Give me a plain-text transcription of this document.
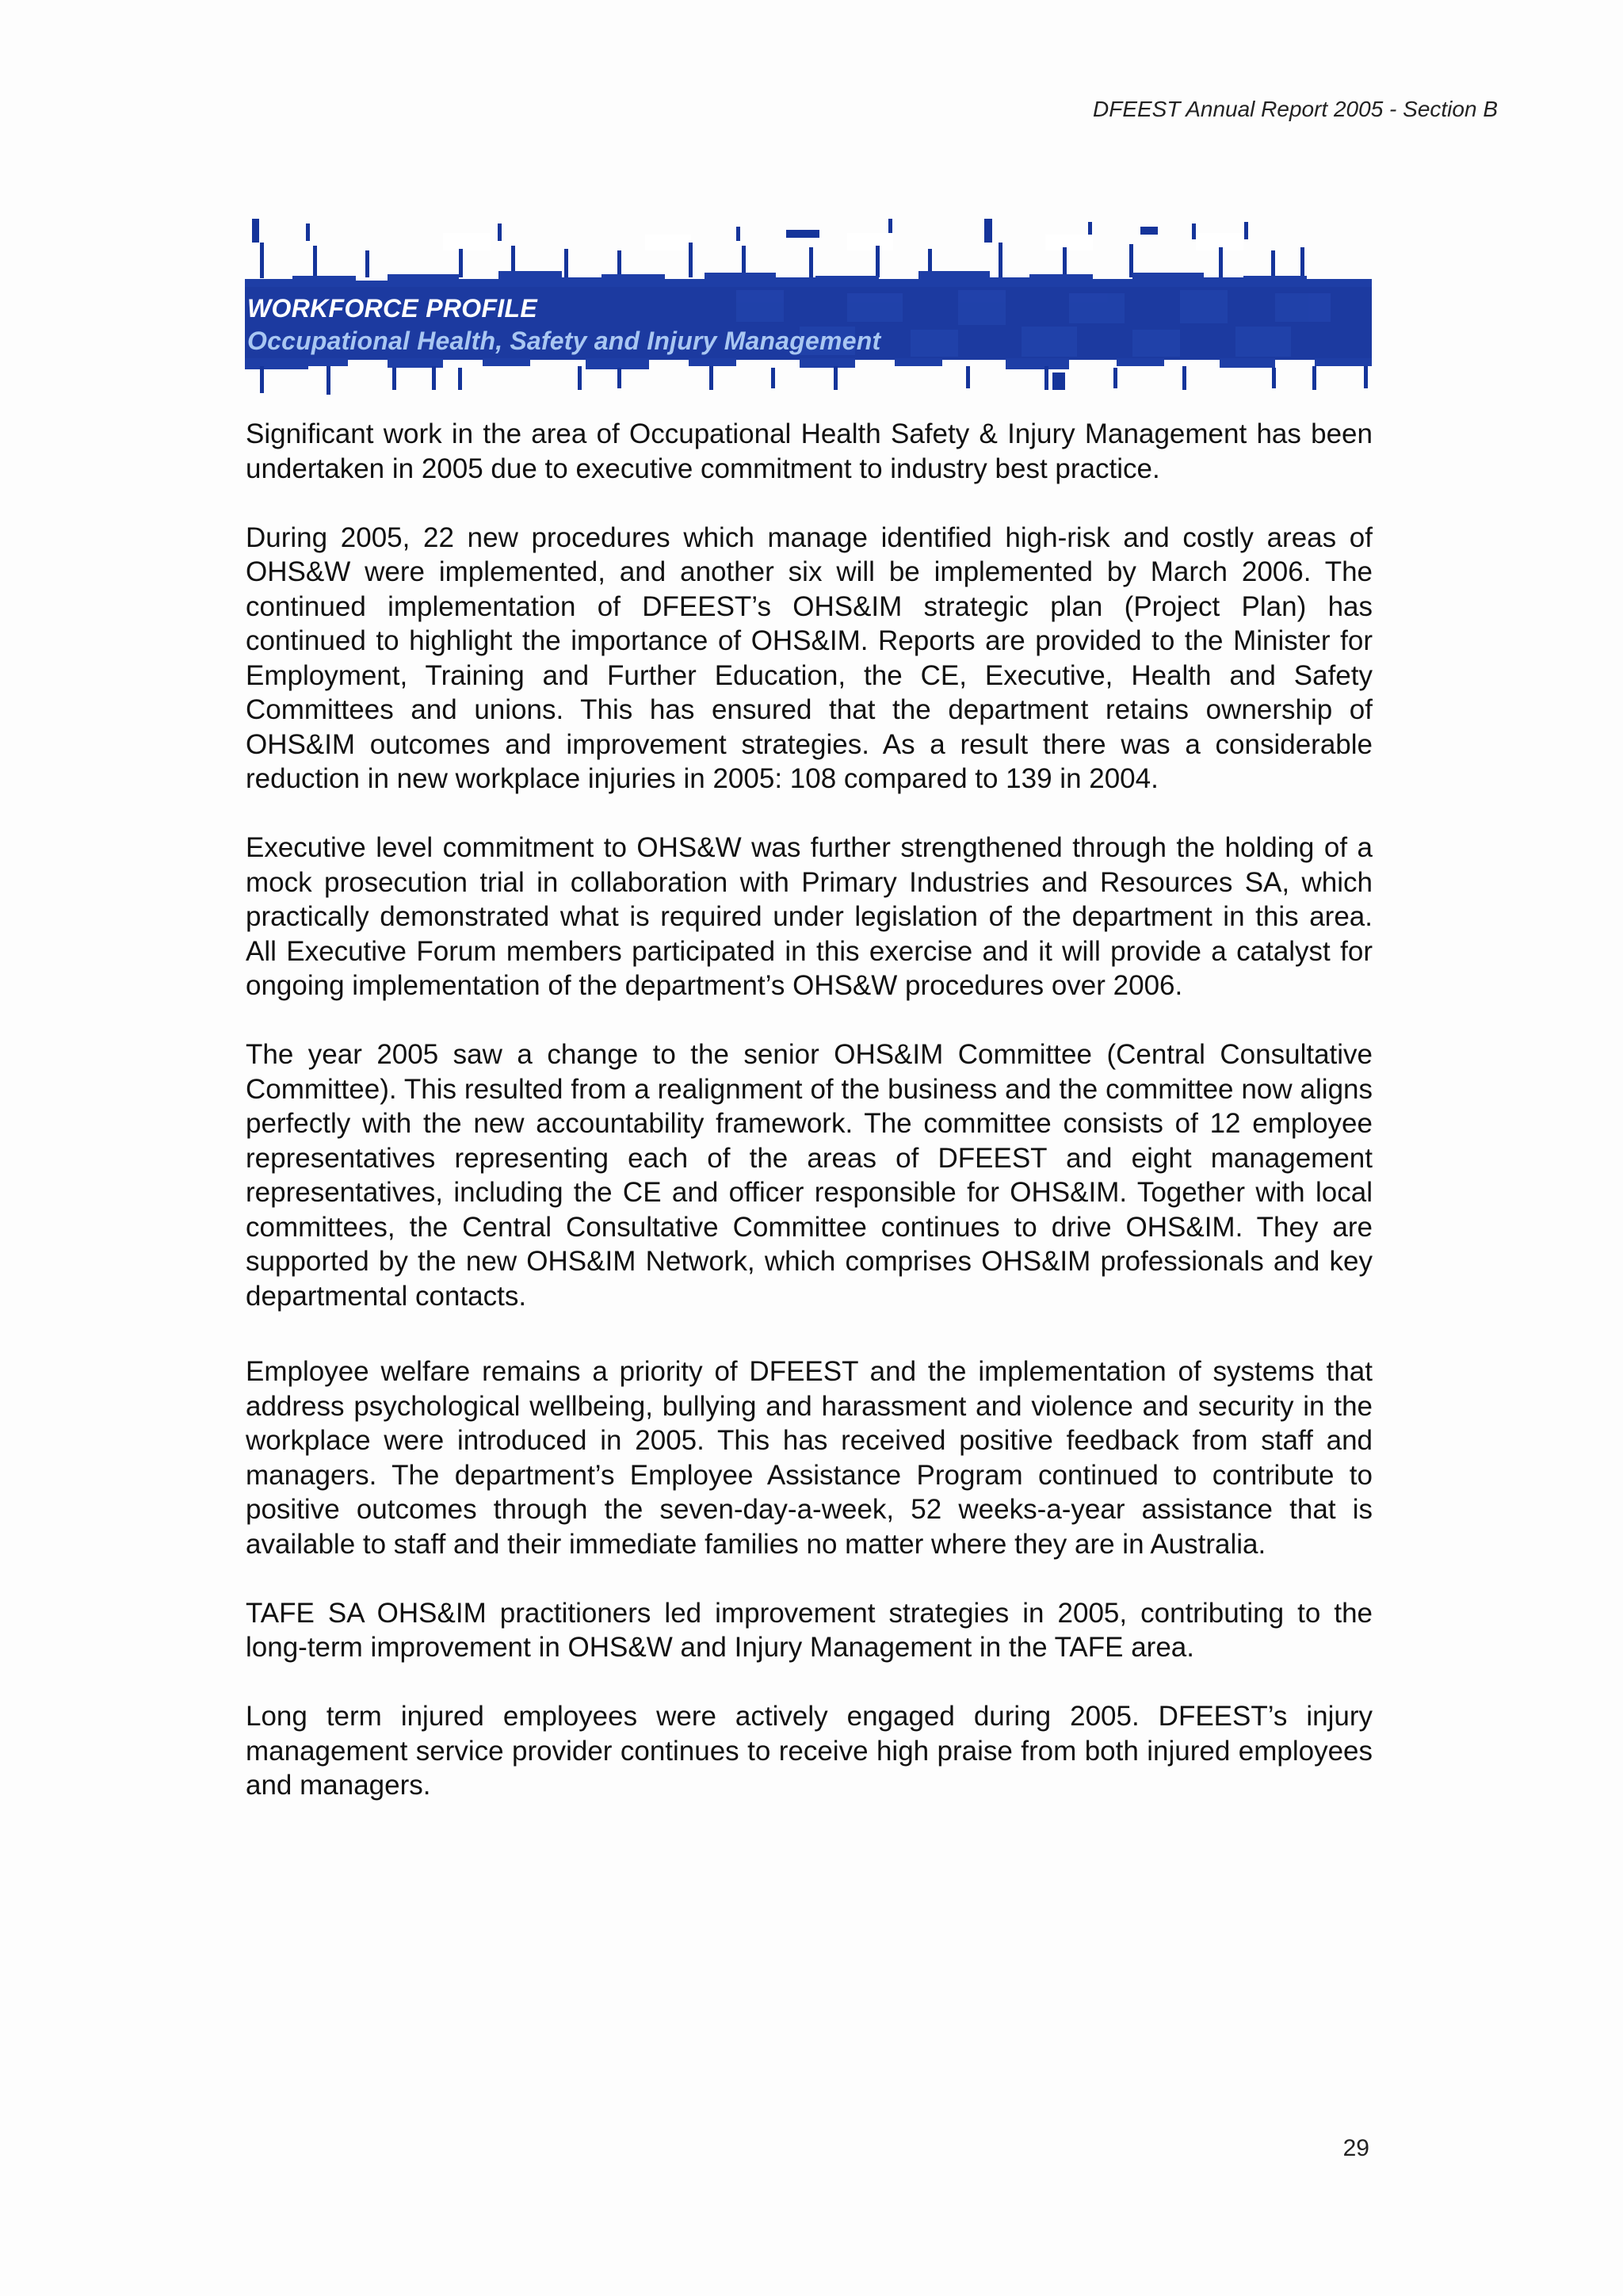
DFEEST Annual Report 2005 - Section B
WORKFORCE PROFILE
Occupational Health, Safety and Injury Management

Significant work in the area of Occupational Health Safety & Injury Management has been undertaken in 2005 due to executive commitment to industry best practice.

During 2005, 22 new procedures which manage identified high-risk and costly areas of OHS&W were implemented, and another six will be implemented by March 2006. The continued implementation of DFEEST’s OHS&IM strategic plan (Project Plan) has continued to highlight the importance of OHS&IM. Reports are provided to the Minister for Employment, Training and Further Education, the CE, Executive, Health and Safety Committees and unions. This has ensured that the department retains ownership of OHS&IM outcomes and improvement strategies. As a result there was a considerable reduction in new workplace injuries in 2005: 108 compared to 139 in 2004.

Executive level commitment to OHS&W was further strengthened through the holding of a mock prosecution trial in collaboration with Primary Industries and Resources SA, which practically demonstrated what is required under legislation of the department in this area. All Executive Forum members participated in this exercise and it will provide a catalyst for ongoing implementation of the department’s OHS&W procedures over 2006.

The year 2005 saw a change to the senior OHS&IM Committee (Central Consultative Committee). This resulted from a realignment of the business and the committee now aligns perfectly with the new accountability framework. The committee consists of 12 employee representatives representing each of the areas of DFEEST and eight management representatives, including the CE and officer responsible for OHS&IM. Together with local committees, the Central Consultative Committee continues to drive OHS&IM. They are supported by the new OHS&IM Network, which comprises OHS&IM professionals and key departmental contacts.

Employee welfare remains a priority of DFEEST and the implementation of systems that address psychological wellbeing, bullying and harassment and violence and security in the workplace were introduced in 2005. This has received positive feedback from staff and managers. The department’s Employee Assistance Program continued to contribute to positive outcomes through the seven-day-a-week, 52 weeks-a-year assistance that is available to staff and their immediate families no matter where they are in Australia.

TAFE SA OHS&IM practitioners led improvement strategies in 2005, contributing to the long-term improvement in OHS&W and Injury Management in the TAFE area.

Long term injured employees were actively engaged during 2005. DFEEST’s injury management service provider continues to receive high praise from both injured employees and managers.

29
